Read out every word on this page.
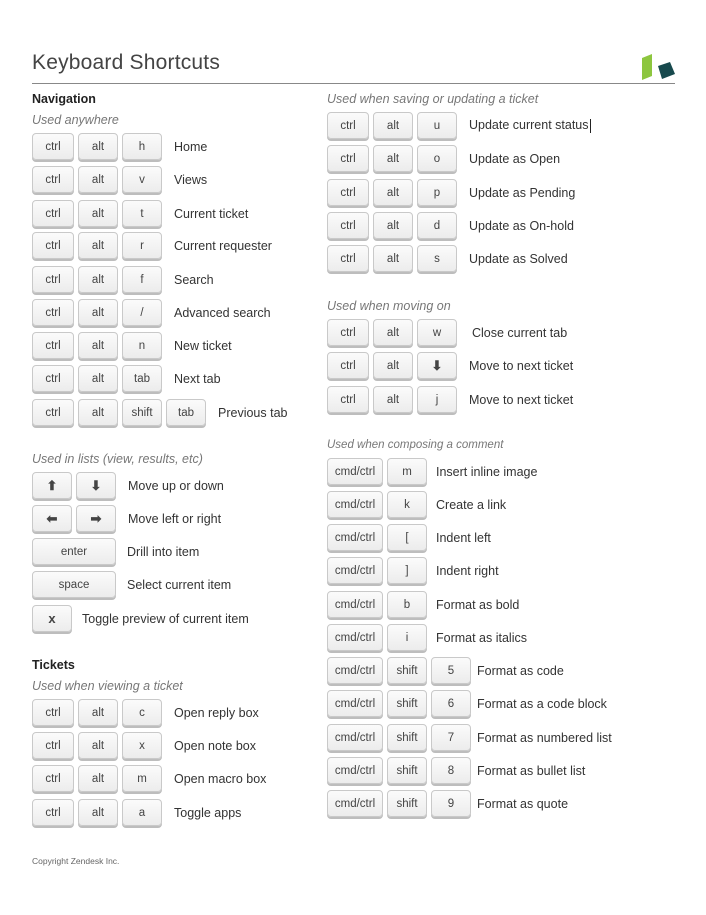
Keyboard Shortcuts
Navigation
Used anywhere
ctrl	alt	h	Home
ctrl	alt	v	Views
ctrl	alt	t	Current ticket
ctrl	alt	r	Current requester
ctrl	alt	f	Search
ctrl	alt	/	Advanced search
ctrl	alt	n	New ticket
ctrl	alt	tab	Next tab
ctrl	alt	shift	tab	Previous tab
Used in lists (view, results, etc)
⬆	⬇	Move up or down
⬅	➡	Move left or right
enter	Drill into item
space	Select current item
x	Toggle preview of current item
Tickets
Used when viewing a ticket
ctrl	alt	c	Open reply box
ctrl	alt	x	Open note box
ctrl	alt	m	Open macro box
ctrl	alt	a	Toggle apps
Used when saving or updating a ticket
ctrl	alt	u	Update current status
ctrl	alt	o	Update as Open
ctrl	alt	p	Update as Pending
ctrl	alt	d	Update as On-hold
ctrl	alt	s	Update as Solved
Used when moving on
ctrl	alt	w	Close current tab
ctrl	alt	⬇	Move to next ticket
ctrl	alt	j	Move to next ticket
Used when composing a comment
cmd/ctrl	m	Insert inline image
cmd/ctrl	k	Create a link
cmd/ctrl	[	Indent left
cmd/ctrl	]	Indent right
cmd/ctrl	b	Format as bold
cmd/ctrl	i	Format as italics
cmd/ctrl	shift	5	Format as code
cmd/ctrl	shift	6	Format as a code block
cmd/ctrl	shift	7	Format as numbered list
cmd/ctrl	shift	8	Format as bullet list
cmd/ctrl	shift	9	Format as quote
Copyright Zendesk Inc.
